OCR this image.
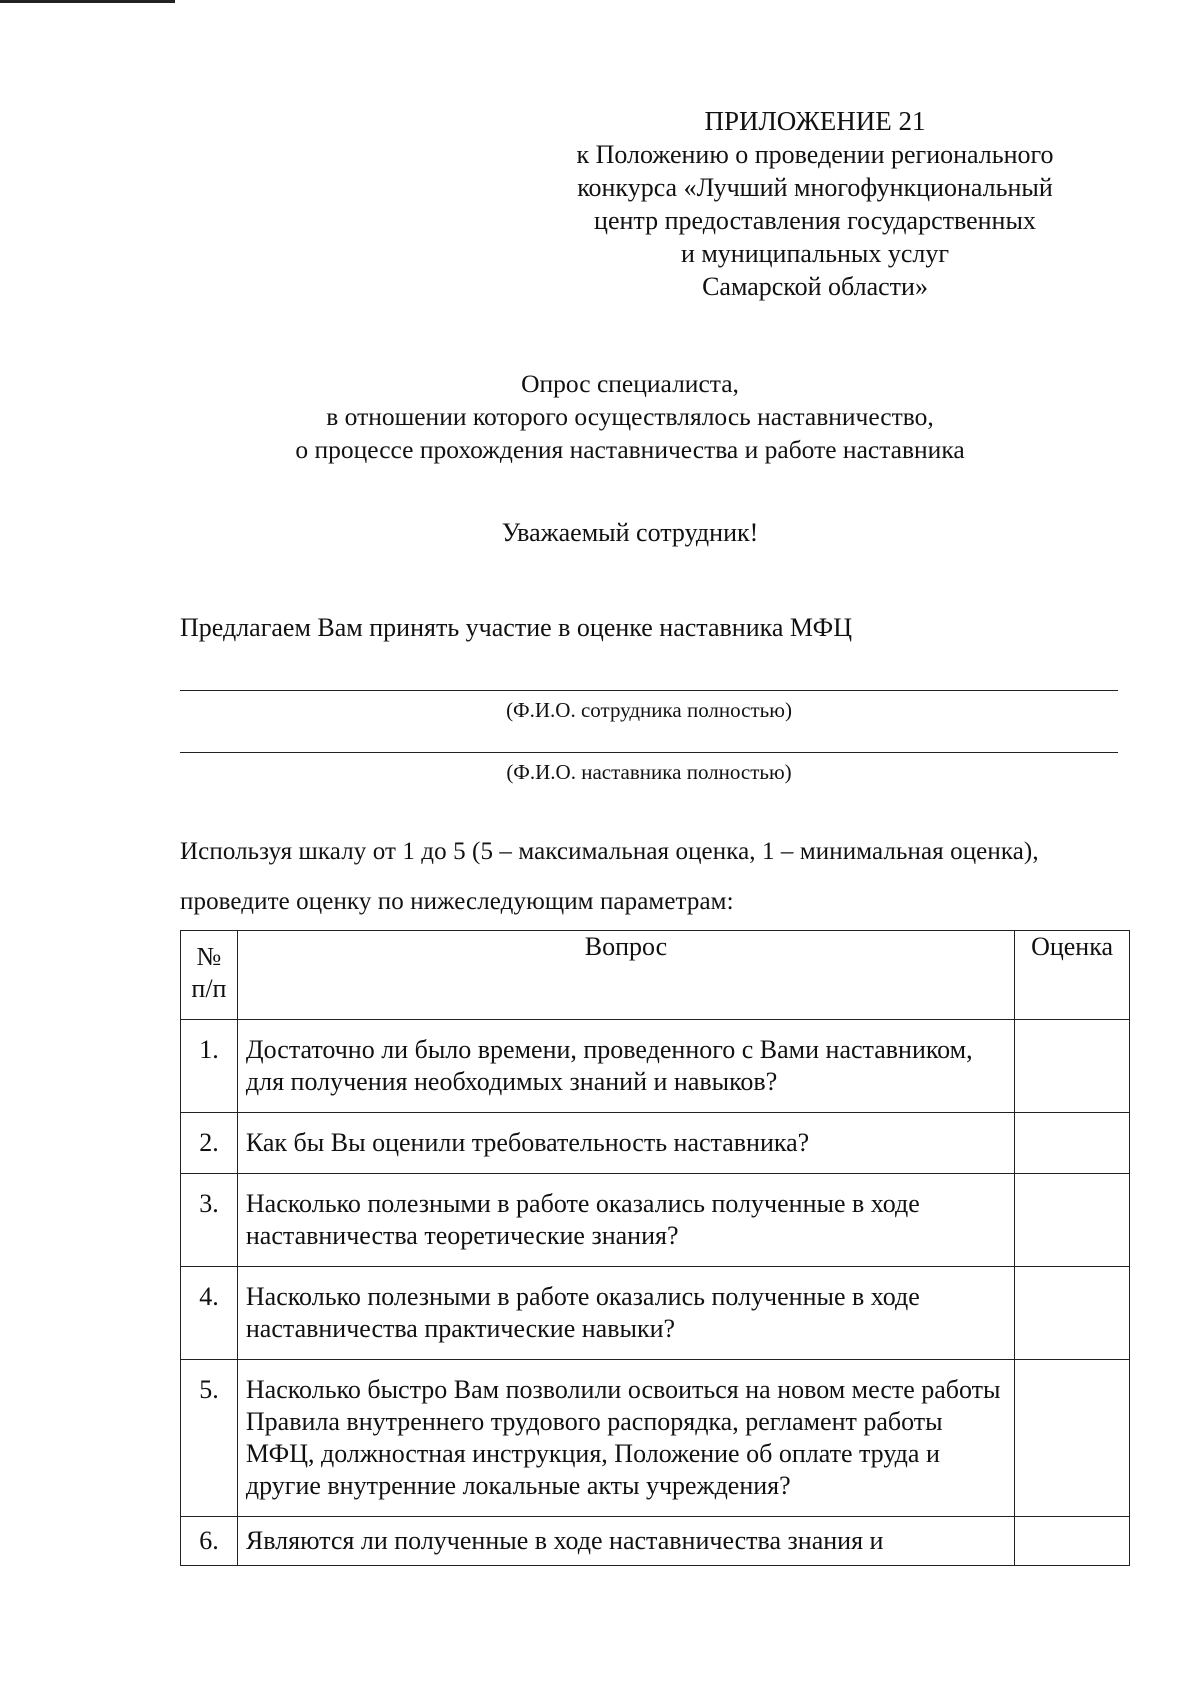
ПРИЛОЖЕНИЕ 21
к Положению о проведении регионального
конкурса «Лучший многофункциональный
центр предоставления государственных
и муниципальных услуг
Самарской области»
Опрос специалиста,
в отношении которого осуществлялось наставничество,
о процессе прохождения наставничества и работе наставника
Уважаемый сотрудник!
Предлагаем Вам принять участие в оценке наставника МФЦ
(Ф.И.О. сотрудника полностью)
(Ф.И.О. наставника полностью)
Используя шкалу от 1 до 5 (5 – максимальная оценка, 1 – минимальная оценка),
проведите оценку по нижеследующим параметрам:
№
п/п	Вопрос	Оценка

1.	Достаточно ли было времени, проведенного с Вами наставником, для получения необходимых знаний и навыков?	

2.	Как бы Вы оценили требовательность наставника?	

3.	Насколько полезными в работе оказались полученные в ходе наставничества теоретические знания?	

4.	Насколько полезными в работе оказались полученные в ходе наставничества практические навыки?	

5.	Насколько быстро Вам позволили освоиться на новом месте работы Правила внутреннего трудового распорядка, регламент работы МФЦ, должностная инструкция, Положение об оплате труда и другие внутренние локальные акты учреждения?	

6.	Являются ли полученные в ходе наставничества знания и	
